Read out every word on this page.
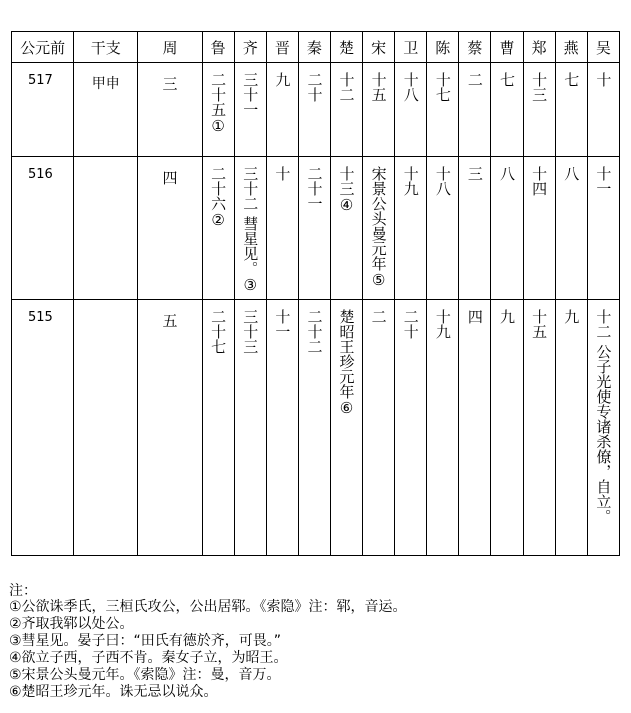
公元前	干支	周	鲁	齐	晋	秦	楚	宋	卫	陈	蔡	曹	郑	燕	吴

517	甲申	三	二十五①	三十一	九	二十	十二	十五	十八	十七	二	七	十三	七	十

516		四	二十六②	三十二 彗星见。③	十	二十一	十三④	宋景公头曼元年⑤	十九	十八	三	八	十四	八	十一

515		五	二十七	三十三	十一	二十二	楚昭王珍元年⑥	二	二十	十九	四	九	十五	九	十二 公子光使专诸杀僚，自立。
注：
①公欲诛季氏，三桓氏攻公，公出居郓。《索隐》注：郓，音运。
②齐取我郓以处公。
③彗星见。晏子曰：“田氏有德於齐，可畏。”
④欲立子西，子西不肯。秦女子立，为昭王。
⑤宋景公头曼元年。《索隐》注：曼，音万。
⑥楚昭王珍元年。诛无忌以说众。
